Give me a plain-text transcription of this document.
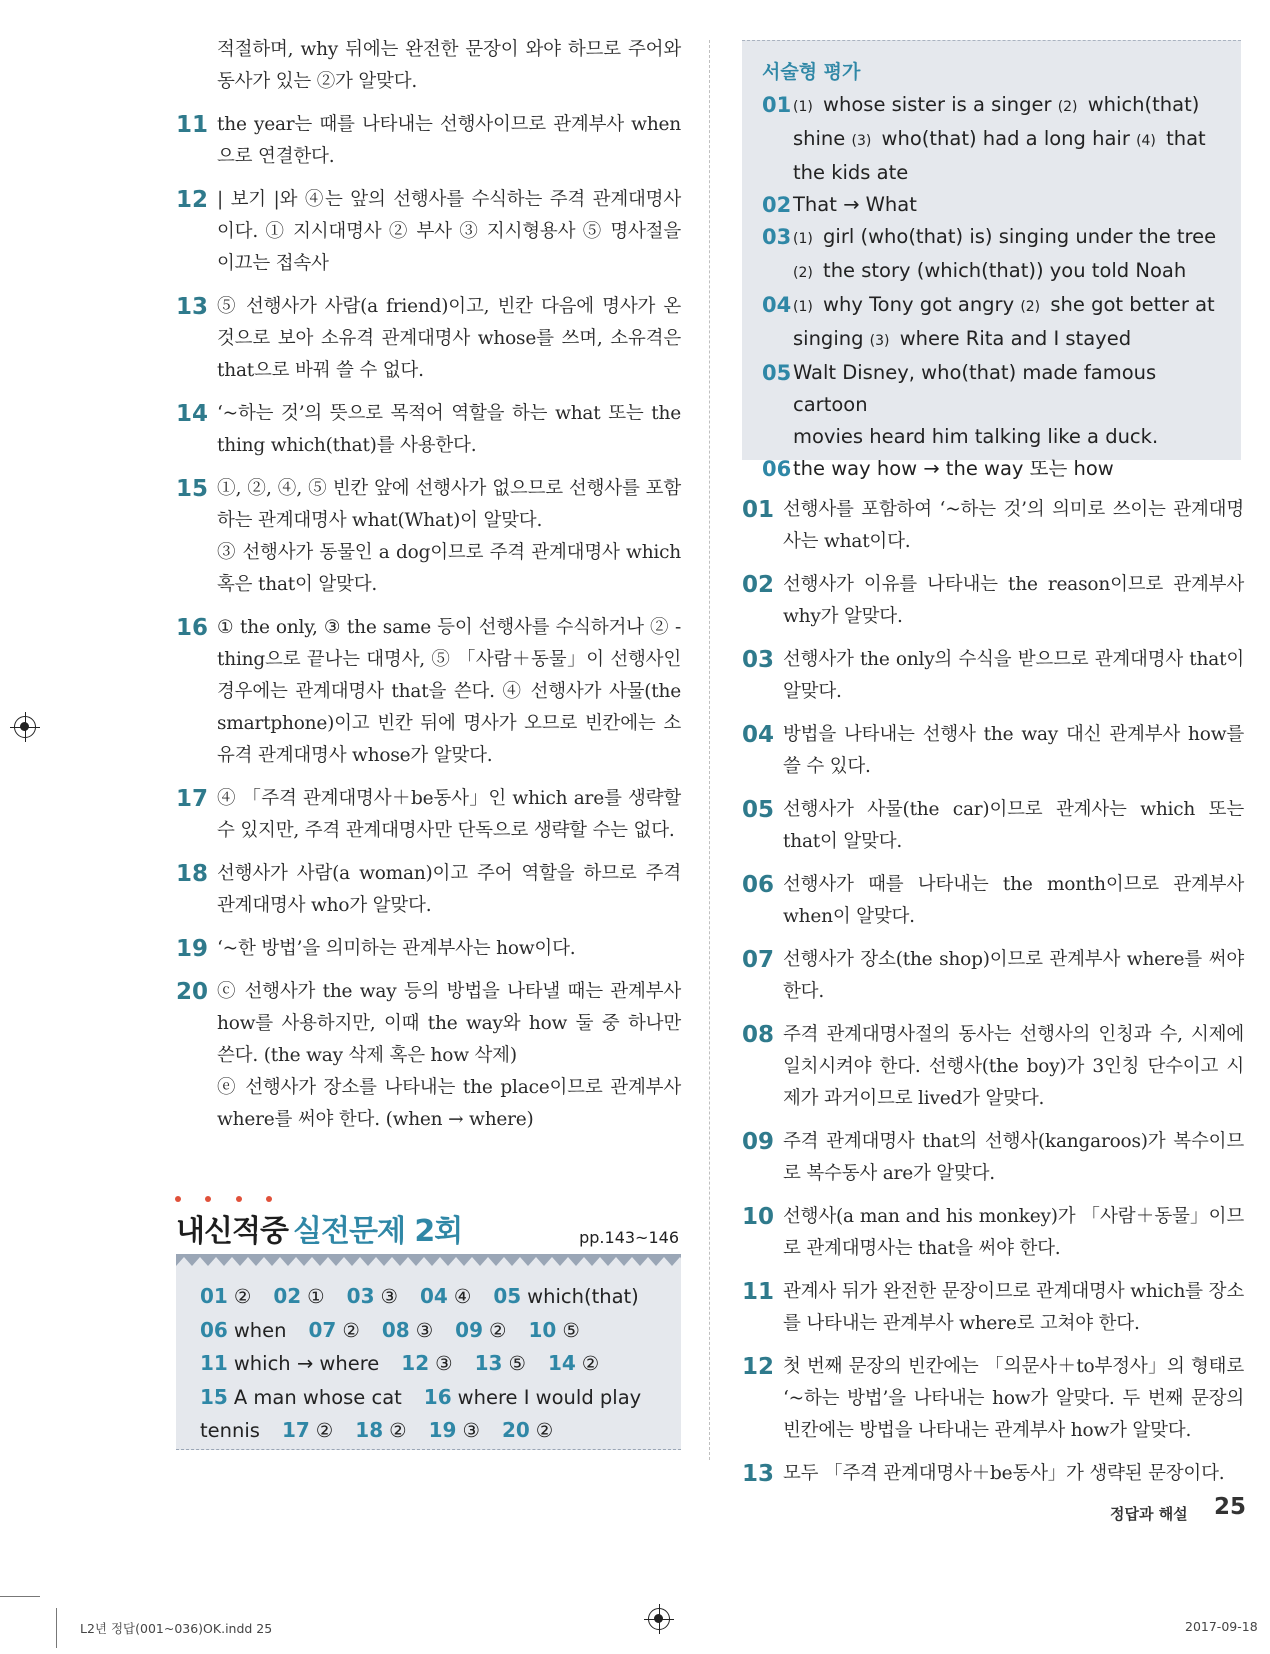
적절하며, why 뒤에는 완전한 문장이 와야 하므로 주어와 동사가 있는 ②가 알맞다.
11 the year는 때를 나타내는 선행사이므로 관계부사 when으로 연결한다.

12 | 보기 |와 ④는 앞의 선행사를 수식하는 주격 관계대명사이다. ① 지시대명사 ② 부사 ③ 지시형용사 ⑤ 명사절을 이끄는 접속사

13 ⑤ 선행사가 사람(a friend)이고, 빈칸 다음에 명사가 온 것으로 보아 소유격 관계대명사 whose를 쓰며, 소유격은 that으로 바꿔 쓸 수 없다.

14 ‘~하는 것’의 뜻으로 목적어 역할을 하는 what 또는 the thing which(that)를 사용한다.

15 ①, ②, ④, ⑤ 빈칸 앞에 선행사가 없으므로 선행사를 포함하는 관계대명사 what(What)이 알맞다.

③ 선행사가 동물인 a dog이므로 주격 관계대명사 which 혹은 that이 알맞다.

16 ① the only, ③ the same 등이 선행사를 수식하거나 ② -thing으로 끝나는 대명사, ⑤ 「사람＋동물」이 선행사인 경우에는 관계대명사 that을 쓴다. ④ 선행사가 사물(the smartphone)이고 빈칸 뒤에 명사가 오므로 빈칸에는 소유격 관계대명사 whose가 알맞다.

17 ④ 「주격 관계대명사＋be동사」인 which are를 생략할 수 있지만, 주격 관계대명사만 단독으로 생략할 수는 없다.

18 선행사가 사람(a woman)이고 주어 역할을 하므로 주격 관계대명사 who가 알맞다.

19 ‘~한 방법’을 의미하는 관계부사는 how이다.

20 ⓒ 선행사가 the way 등의 방법을 나타낼 때는 관계부사 how를 사용하지만, 이때 the way와 how 둘 중 하나만 쓴다. (the way 삭제 혹은 how 삭제)

ⓔ 선행사가 장소를 나타내는 the place이므로 관계부사 where를 써야 한다. (when → where)

서술형 평가
01 (1) whose sister is a singer (2) which(that)
shine (3) who(that) had a long hair (4) that
the kids ate
02 That → What
03 (1) girl (who(that) is) singing under the tree
(2) the story (which(that)) you told Noah
04 (1) why Tony got angry (2) she got better at
singing (3) where Rita and I stayed
05 Walt Disney, who(that) made famous cartoon
movies heard him talking like a duck.
06 the way how → the way 또는 how
01 선행사를 포함하여 ‘~하는 것’의 의미로 쓰이는 관계대명사는 what이다.
02 선행사가 이유를 나타내는 the reason이므로 관계부사 why가 알맞다.
03 선행사가 the only의 수식을 받으므로 관계대명사 that이 알맞다.
04 방법을 나타내는 선행사 the way 대신 관계부사 how를 쓸 수 있다.
05 선행사가 사물(the car)이므로 관계사는 which 또는 that이 알맞다.
06 선행사가 때를 나타내는 the month이므로 관계부사 when이 알맞다.
07 선행사가 장소(the shop)이므로 관계부사 where를 써야 한다.
08 주격 관계대명사절의 동사는 선행사의 인칭과 수, 시제에 일치시켜야 한다. 선행사(the boy)가 3인칭 단수이고 시제가 과거이므로 lived가 알맞다.
09 주격 관계대명사 that의 선행사(kangaroos)가 복수이므로 복수동사 are가 알맞다.
10 선행사(a man and his monkey)가 「사람＋동물」이므로 관계대명사는 that을 써야 한다.
11 관계사 뒤가 완전한 문장이므로 관계대명사 which를 장소를 나타내는 관계부사 where로 고쳐야 한다.
12 첫 번째 문장의 빈칸에는 「의문사＋to부정사」의 형태로 ‘~하는 방법’을 나타내는 how가 알맞다. 두 번째 문장의 빈칸에는 방법을 나타내는 관계부사 how가 알맞다.
13 모두 「주격 관계대명사＋be동사」가 생략된 문장이다.
내신적중 실전문제 2회	pp.143~146
01 ② 02 ① 03 ③ 04 ④ 05 which(that)
06 when 07 ② 08 ③ 09 ② 10 ⑤
11 which → where 12 ③ 13 ⑤ 14 ②
15 A man whose cat 16 where I would play
tennis 17 ② 18 ② 19 ③ 20 ②
정답과 해설 25
L2년 정답(001~036)OK.indd 25	2017-09-18
